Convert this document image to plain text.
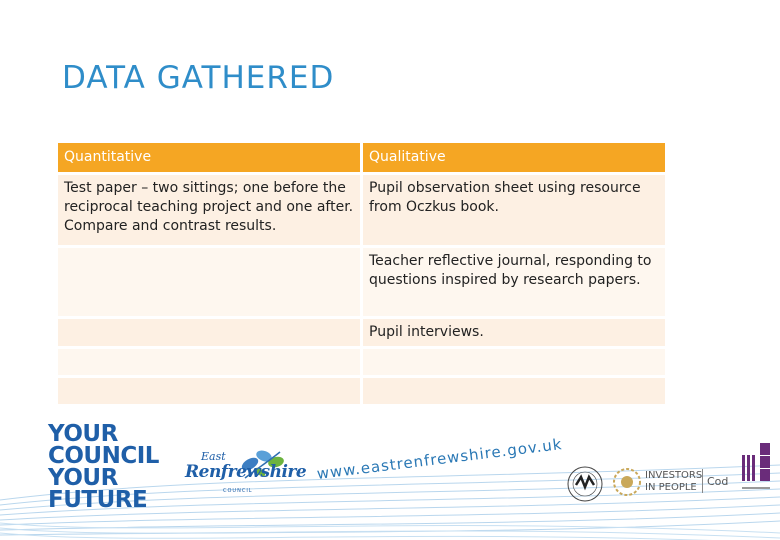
DATA GATHERED
Quantitative	Qualitative
Test paper – two sittings; one before the reciprocal teaching project and one after. Compare and contrast results.	Pupil observation sheet using resource from Oczkus book.
	Teacher reflective journal, responding to questions inspired by research papers.
	Pupil interviews.

YOUR
COUNCIL
YOUR
FUTURE
East
Renfrewshire
COUNCIL
www.eastrenfrewshire.gov.uk	INVESTORS
IN PEOPLE Cod
